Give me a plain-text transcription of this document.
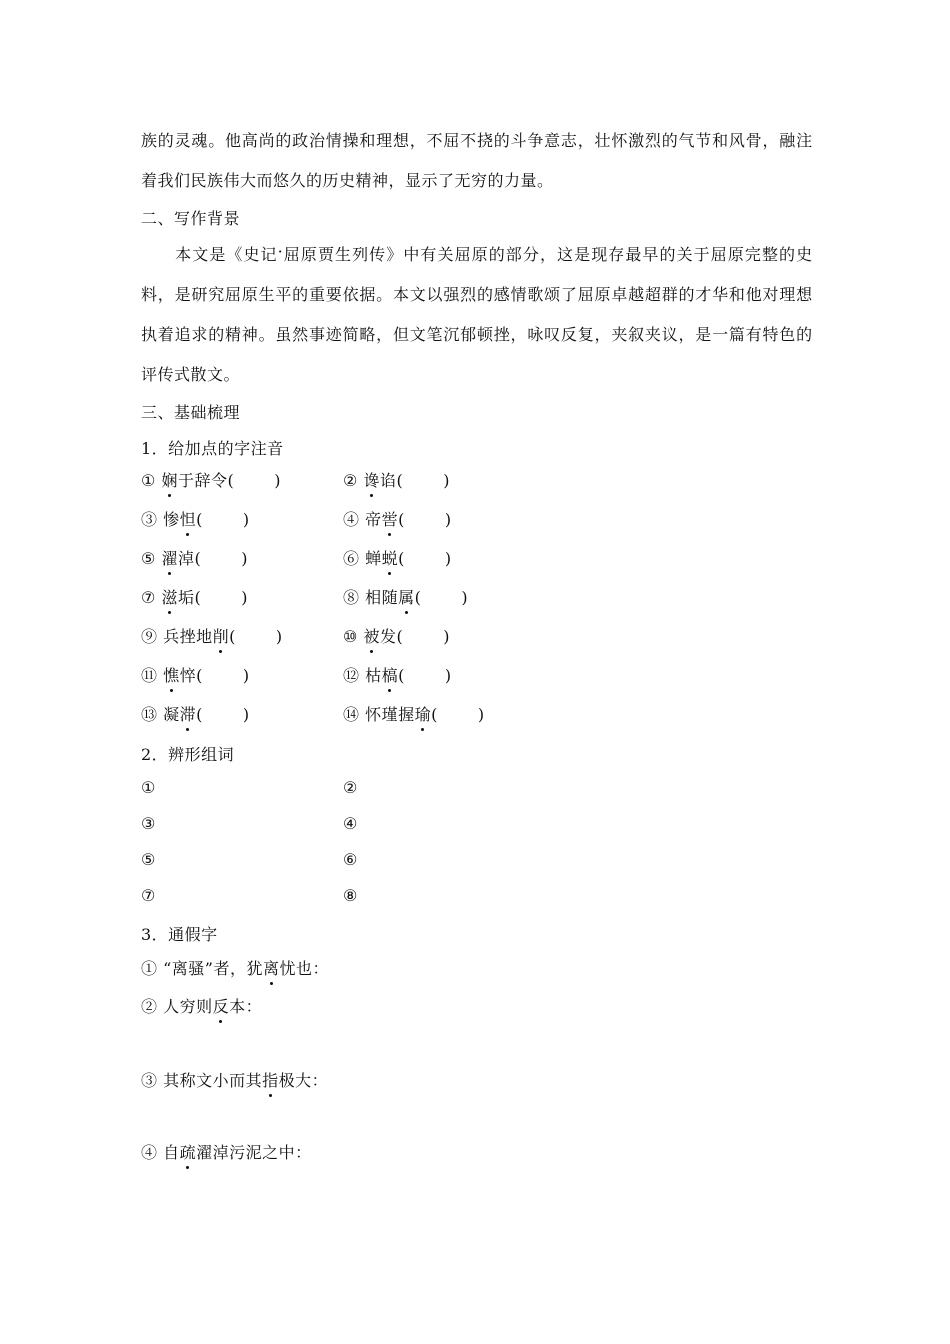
族 的 灵 魂 。 他 高 尚 的 政 治 情 操 和 理 想 ， 不 屈 不 挠 的 斗 争 意 志 ， 壮 怀 激 烈 的 气 节 和 风 骨 ， 融 注
着我们民族伟大而悠久的历史精神，显示了无穷的力量。
二、写作背景

本 文 是 《 史 记 · 屈 原 贾 生 列 传 》 中 有 关 屈 原 的 部 分 ， 这 是 现 存 最 早 的 关 于 屈 原 完 整 的 史
料 ， 是 研 究 屈 原 生 平 的 重 要 依 据 。 本 文 以 强 烈 的 感 情 歌 颂 了 屈 原 卓 越 超 群 的 才 华 和 他 对 理 想
执 着 追 求 的 精 神 。 虽 然 事 迹 简 略 ， 但 文 笔 沉 郁 顿 挫 ， 咏 叹 反 复 ， 夹 叙 夹 议 ， 是 一 篇 有 特 色 的
评传式散文。
三、基础梳理
1．给加点的字注音
① 娴于辞令(	)	② 谗谄(	)
③ 惨怛(	)	④ 帝喾(	)
⑤ 濯淖(	)	⑥ 蝉蜕(	)
⑦ 滋垢(	)	⑧ 相随属(	)
⑨ 兵挫地削(	)	⑩ 被发(	)
⑪ 憔悴(	)	⑫ 枯槁(	)
⑬ 凝滞(	)	⑭ 怀瑾握瑜(	)
2．辨形组词
①	②
③	④
⑤	⑥
⑦	⑧
3．通假字
① “离骚”者，犹离忧也：
② 人穷则反本：
③ 其称文小而其指极大：
④ 自疏濯淖污泥之中：
